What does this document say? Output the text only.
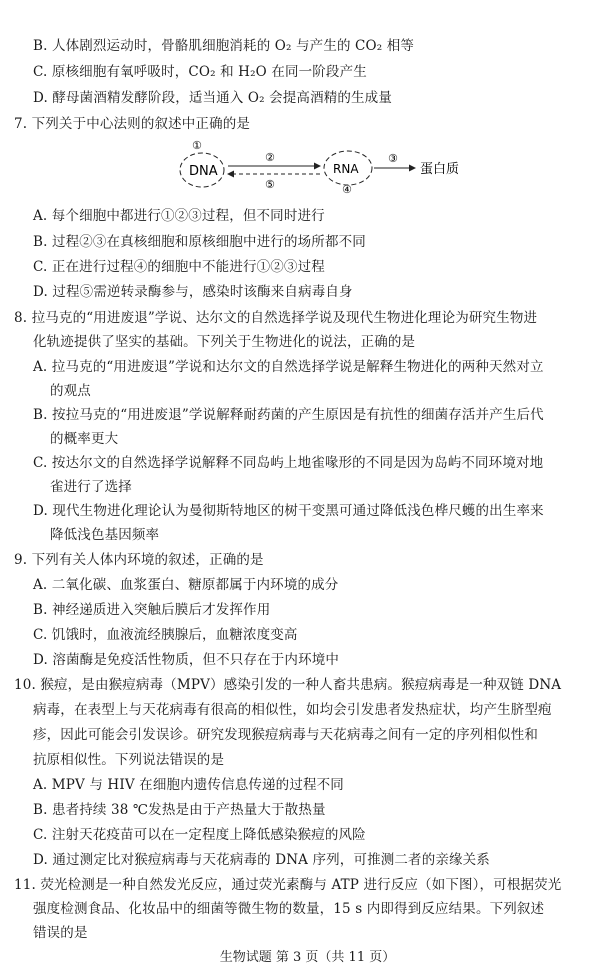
B. 人体剧烈运动时，骨骼肌细胞消耗的 O₂ 与产生的 CO₂ 相等
C. 原核细胞有氧呼吸时，CO₂ 和 H₂O 在同一阶段产生
D. 酵母菌酒精发酵阶段，适当通入 O₂ 会提高酒精的生成量
7. 下列关于中心法则的叙述中正确的是
DNA
①
②
⑤
RNA
④
③
蛋白质
A. 每个细胞中都进行①②③过程，但不同时进行
B. 过程②③在真核细胞和原核细胞中进行的场所都不同
C. 正在进行过程④的细胞中不能进行①②③过程
D. 过程⑤需逆转录酶参与，感染时该酶来自病毒自身
8. 拉马克的“用进废退”学说、达尔文的自然选择学说及现代生物进化理论为研究生物进
化轨迹提供了坚实的基础。下列关于生物进化的说法，正确的是
A. 拉马克的“用进废退”学说和达尔文的自然选择学说是解释生物进化的两种天然对立
的观点
B. 按拉马克的“用进废退”学说解释耐药菌的产生原因是有抗性的细菌存活并产生后代
的概率更大
C. 按达尔文的自然选择学说解释不同岛屿上地雀喙形的不同是因为岛屿不同环境对地
雀进行了选择
D. 现代生物进化理论认为曼彻斯特地区的树干变黑可通过降低浅色桦尺蠖的出生率来
降低浅色基因频率
9. 下列有关人体内环境的叙述，正确的是
A. 二氧化碳、血浆蛋白、糖原都属于内环境的成分
B. 神经递质进入突触后膜后才发挥作用
C. 饥饿时，血液流经胰腺后，血糖浓度变高
D. 溶菌酶是免疫活性物质，但不只存在于内环境中
10. 猴痘，是由猴痘病毒（MPV）感染引发的一种人畜共患病。猴痘病毒是一种双链 DNA
病毒，在表型上与天花病毒有很高的相似性，如均会引发患者发热症状，均产生脐型疱
疹，因此可能会引发误诊。研究发现猴痘病毒与天花病毒之间有一定的序列相似性和
抗原相似性。下列说法错误的是
A. MPV 与 HIV 在细胞内遗传信息传递的过程不同
B. 患者持续 38 ℃发热是由于产热量大于散热量
C. 注射天花疫苗可以在一定程度上降低感染猴痘的风险
D. 通过测定比对猴痘病毒与天花病毒的 DNA 序列，可推测二者的亲缘关系
11. 荧光检测是一种自然发光反应，通过荧光素酶与 ATP 进行反应（如下图），可根据荧光
强度检测食品、化妆品中的细菌等微生物的数量，15 s 内即得到反应结果。下列叙述
错误的是
生物试题 第 3 页（共 11 页）
